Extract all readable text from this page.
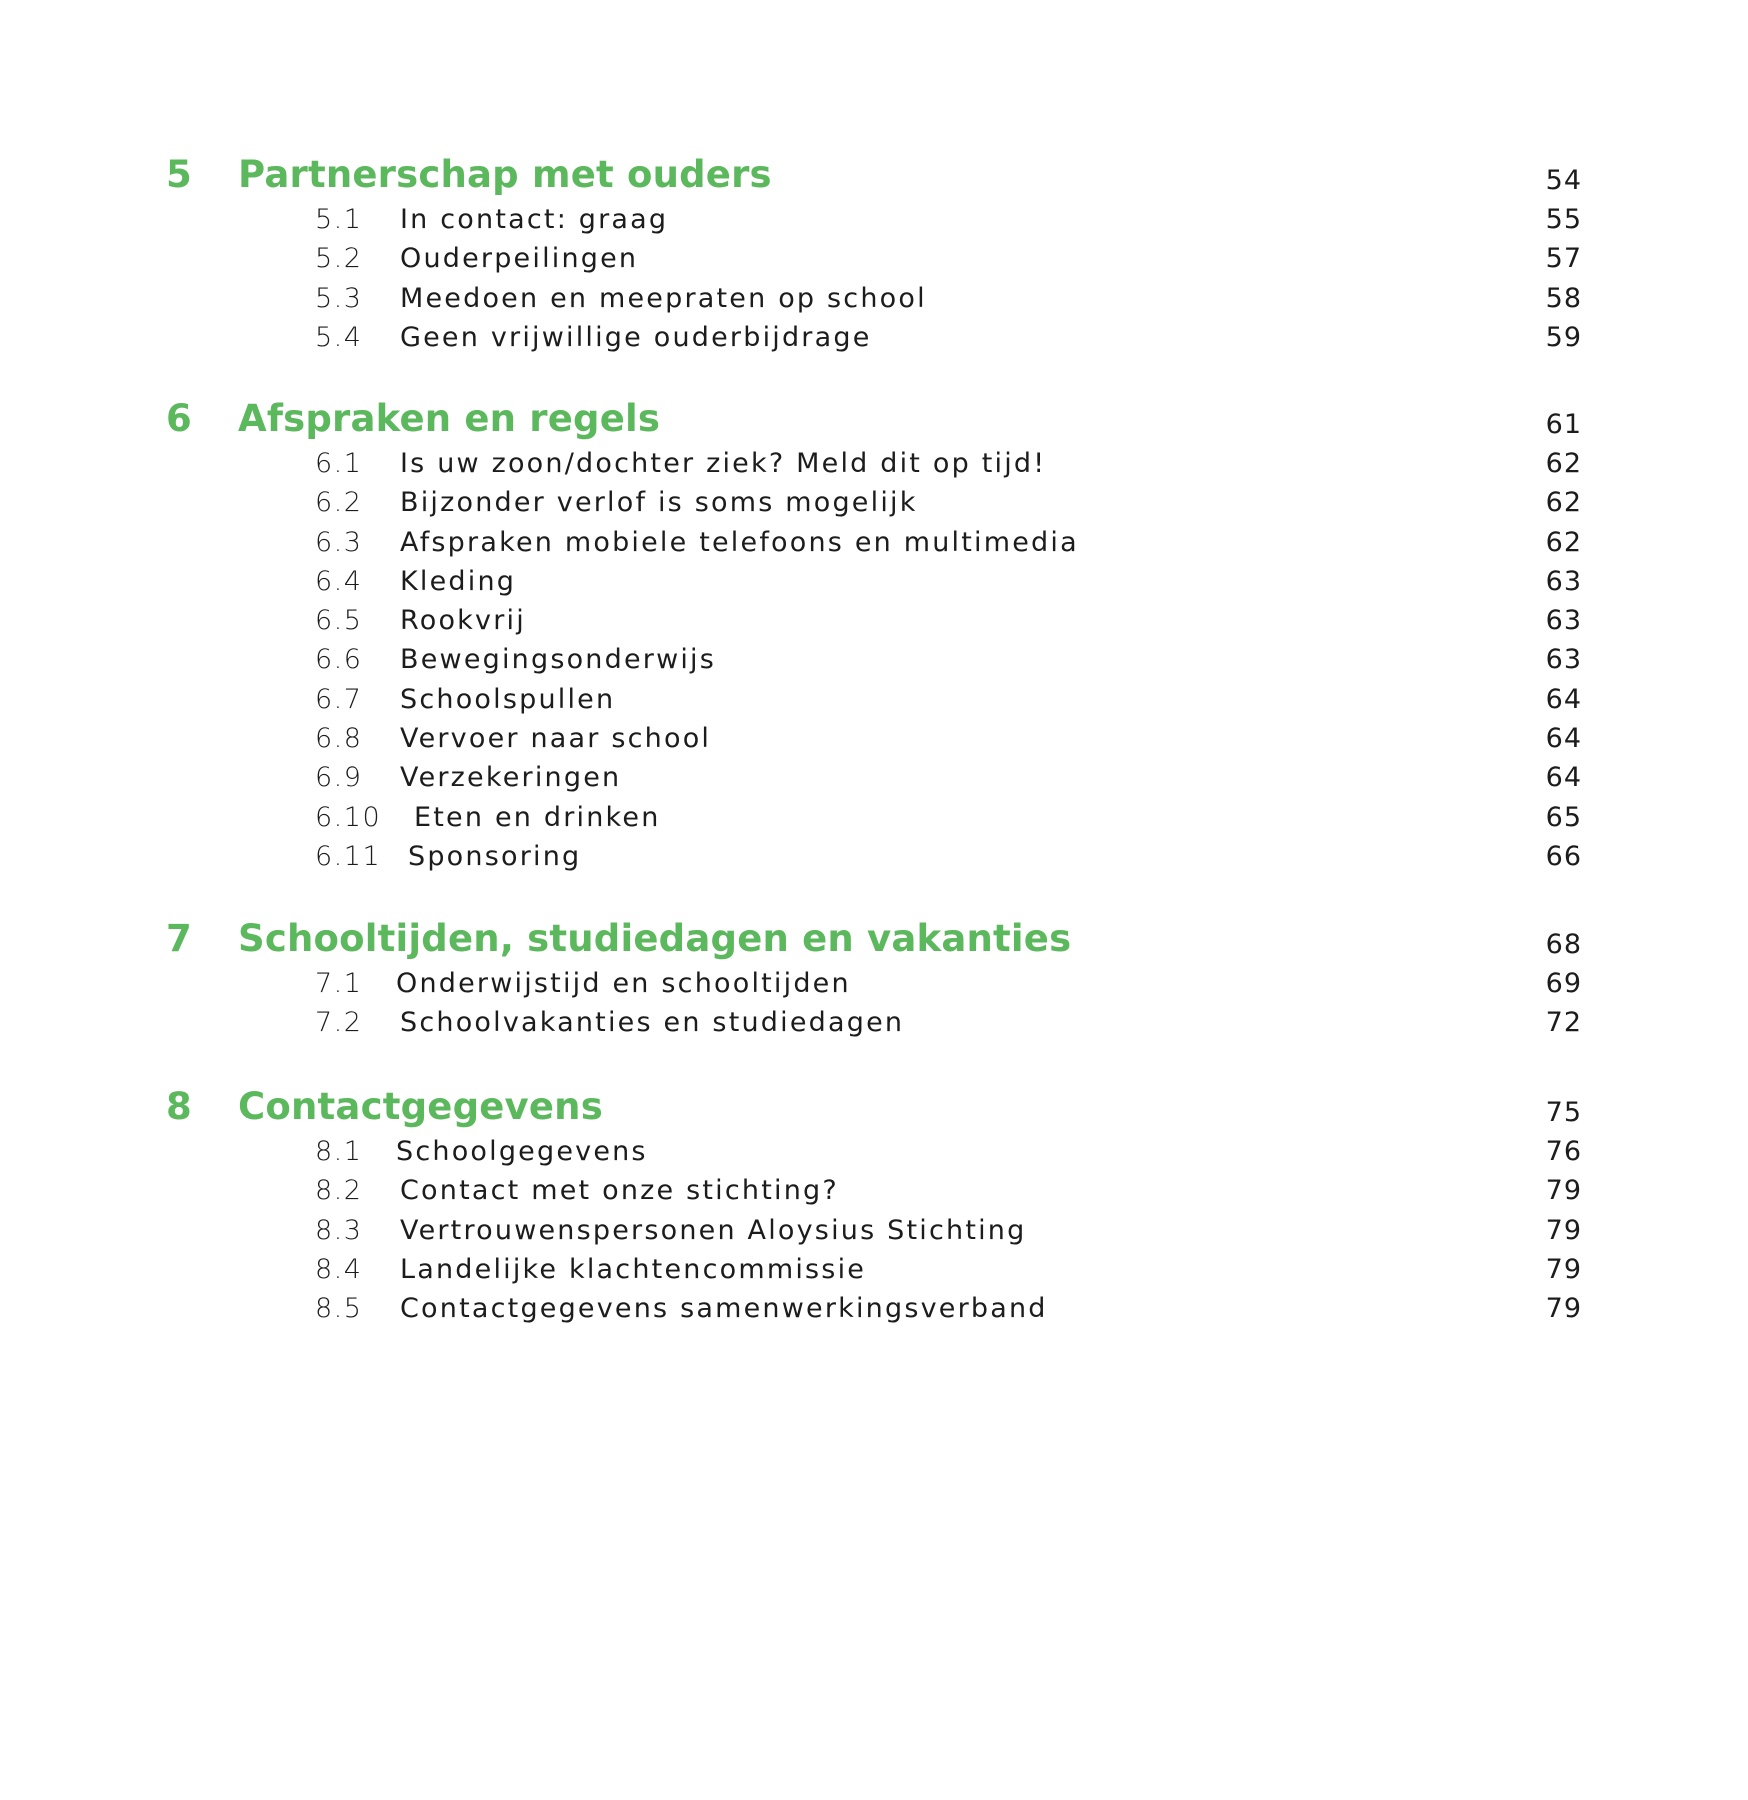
5 Partnerschap met ouders	54
5.1 In contact: graag	55
5.2 Ouderpeilingen	57
5.3 Meedoen en meepraten op school	58
5.4 Geen vrijwillige ouderbijdrage	59
6 Afspraken en regels	61
6.1 Is uw zoon/dochter ziek? Meld dit op tijd!	62
6.2 Bijzonder verlof is soms mogelijk	62
6.3 Afspraken mobiele telefoons en multimedia	62
6.4 Kleding	63
6.5 Rookvrij	63
6.6 Bewegingsonderwijs	63
6.7 Schoolspullen	64
6.8 Vervoer naar school	64
6.9 Verzekeringen	64
6.10 Eten en drinken	65
6.11 Sponsoring	66
7 Schooltijden, studiedagen en vakanties	68
7.1 Onderwijstijd en schooltijden	69
7.2 Schoolvakanties en studiedagen	72
8 Contactgegevens	75
8.1 Schoolgegevens	76
8.2 Contact met onze stichting?	79
8.3 Vertrouwenspersonen Aloysius Stichting	79
8.4 Landelijke klachtencommissie	79
8.5 Contactgegevens samenwerkingsverband	79
